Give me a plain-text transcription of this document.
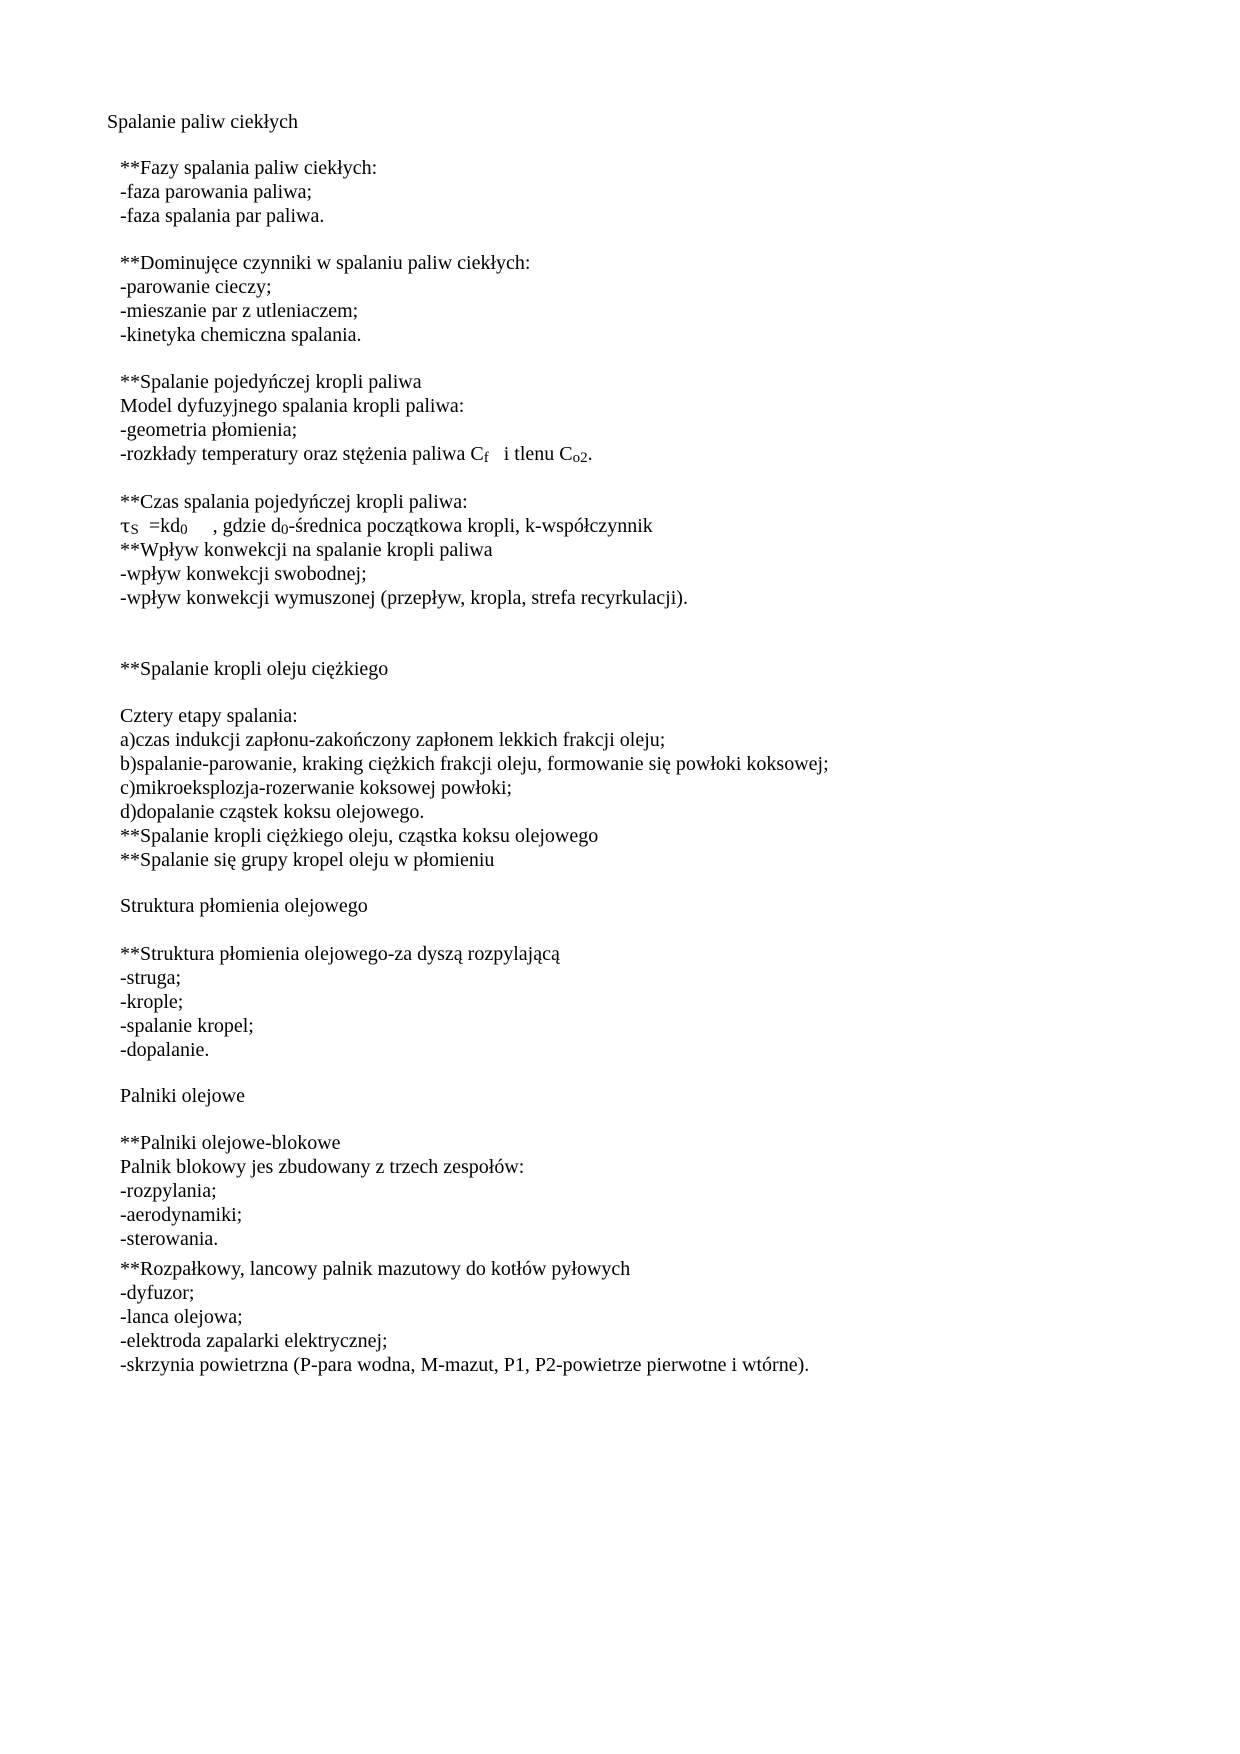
Spalanie paliw ciekłych
**Fazy spalania paliw ciekłych:
-faza parowania paliwa;
-faza spalania par paliwa.
**Dominujęce czynniki w spalaniu paliw ciekłych:
-parowanie cieczy;
-mieszanie par z utleniaczem;
-kinetyka chemiczna spalania.
**Spalanie pojedyńczej kropli paliwa
Model dyfuzyjnego spalania kropli paliwa:
-geometria płomienia;
-rozkłady temperatury oraz stężenia paliwa Cf   i tlenu Co2.
**Czas spalania pojedyńczej kropli paliwa:
τS  =kd0     , gdzie d0-średnica początkowa kropli, k-współczynnik
**Wpływ konwekcji na spalanie kropli paliwa
-wpływ konwekcji swobodnej;
-wpływ konwekcji wymuszonej (przepływ, kropla, strefa recyrkulacji).
**Spalanie kropli oleju ciężkiego
Cztery etapy spalania:
a)czas indukcji zapłonu-zakończony zapłonem lekkich frakcji oleju;
b)spalanie-parowanie, kraking ciężkich frakcji oleju, formowanie się powłoki koksowej;
c)mikroeksplozja-rozerwanie koksowej powłoki;
d)dopalanie cząstek koksu olejowego.
**Spalanie kropli ciężkiego oleju, cząstka koksu olejowego
**Spalanie się grupy kropel oleju w płomieniu
Struktura płomienia olejowego
**Struktura płomienia olejowego-za dyszą rozpylającą
-struga;
-krople;
-spalanie kropel;
-dopalanie.
Palniki olejowe
**Palniki olejowe-blokowe
Palnik blokowy jes zbudowany z trzech zespołów:
-rozpylania;
-aerodynamiki;
-sterowania.
**Rozpałkowy, lancowy palnik mazutowy do kotłów pyłowych
-dyfuzor;
-lanca olejowa;
-elektroda zapalarki elektrycznej;
-skrzynia powietrzna (P-para wodna, M-mazut, P1, P2-powietrze pierwotne i wtórne).
